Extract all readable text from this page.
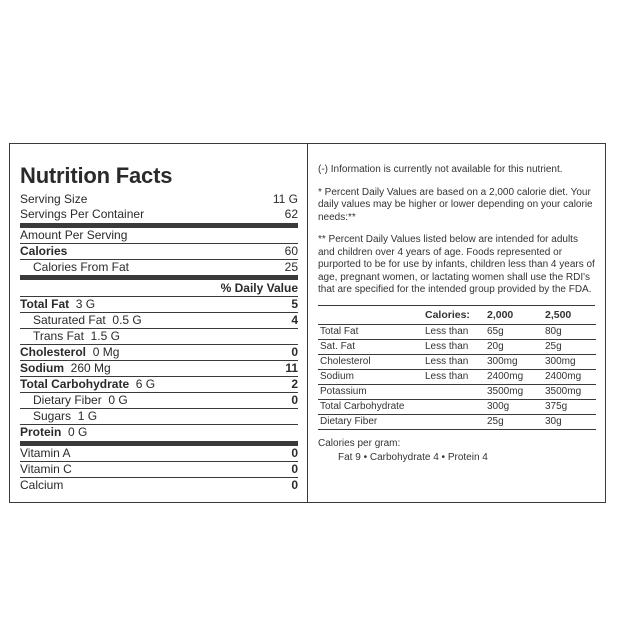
Nutrition Facts
Serving Size	11 G
Servings Per Container	62
Amount Per Serving
Calories	60
Calories From Fat	25
% Daily Value
Total Fat 3 G	5
Saturated Fat 0.5 G	4
Trans Fat 1.5 G
Cholesterol 0 Mg	0
Sodium 260 Mg	11
Total Carbohydrate 6 G	2
Dietary Fiber 0 G	0
Sugars 1 G
Protein 0 G
Vitamin A	0
Vitamin C	0
Calcium	0

(-) Information is currently not available for this nutrient.

* Percent Daily Values are based on a 2,000 calorie diet. Your daily values may be higher or lower depending on your calorie needs:**

** Percent Daily Values listed below are intended for adults and children over 4 years of age. Foods represented or purported to be for use by infants, children less than 4 years of age, pregnant women, or lactating women shall use the RDI's that are specified for the intended group provided by the FDA.

	Calories:	2,000	2,500
Total Fat	Less than	65g	80g
Sat. Fat	Less than	20g	25g
Cholesterol	Less than	300mg	300mg
Sodium	Less than	2400mg	2400mg
Potassium		3500mg	3500mg
Total Carbohydrate		300g	375g
Dietary Fiber		25g	30g
Calories per gram:
Fat 9 • Carbohydrate 4 • Protein 4
